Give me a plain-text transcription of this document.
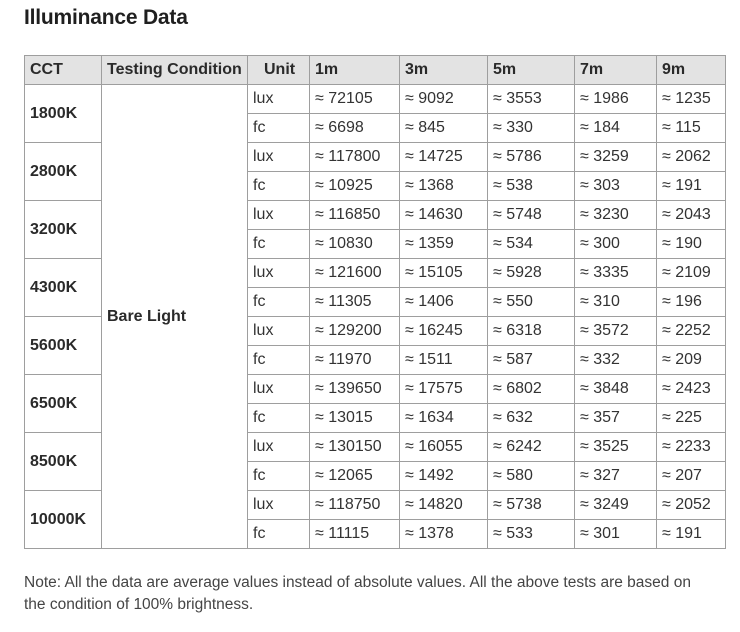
Illuminance Data
CCT	Testing Condition	Unit	1m	3m	5m	7m	9m
1800K	Bare Light	lux	≈ 72105	≈ 9092	≈ 3553	≈ 1986	≈ 1235
		fc	≈ 6698	≈ 845	≈ 330	≈ 184	≈ 115
2800K		lux	≈ 117800	≈ 14725	≈ 5786	≈ 3259	≈ 2062
		fc	≈ 10925	≈ 1368	≈ 538	≈ 303	≈ 191
3200K		lux	≈ 116850	≈ 14630	≈ 5748	≈ 3230	≈ 2043
		fc	≈ 10830	≈ 1359	≈ 534	≈ 300	≈ 190
4300K		lux	≈ 121600	≈ 15105	≈ 5928	≈ 3335	≈ 2109
		fc	≈ 11305	≈ 1406	≈ 550	≈ 310	≈ 196
5600K		lux	≈ 129200	≈ 16245	≈ 6318	≈ 3572	≈ 2252
		fc	≈ 11970	≈ 1511	≈ 587	≈ 332	≈ 209
6500K		lux	≈ 139650	≈ 17575	≈ 6802	≈ 3848	≈ 2423
		fc	≈ 13015	≈ 1634	≈ 632	≈ 357	≈ 225
8500K		lux	≈ 130150	≈ 16055	≈ 6242	≈ 3525	≈ 2233
		fc	≈ 12065	≈ 1492	≈ 580	≈ 327	≈ 207
10000K		lux	≈ 118750	≈ 14820	≈ 5738	≈ 3249	≈ 2052
		fc	≈ 11115	≈ 1378	≈ 533	≈ 301	≈ 191

Note: All the data are average values instead of absolute values. All the above tests are based on the condition of 100% brightness.
